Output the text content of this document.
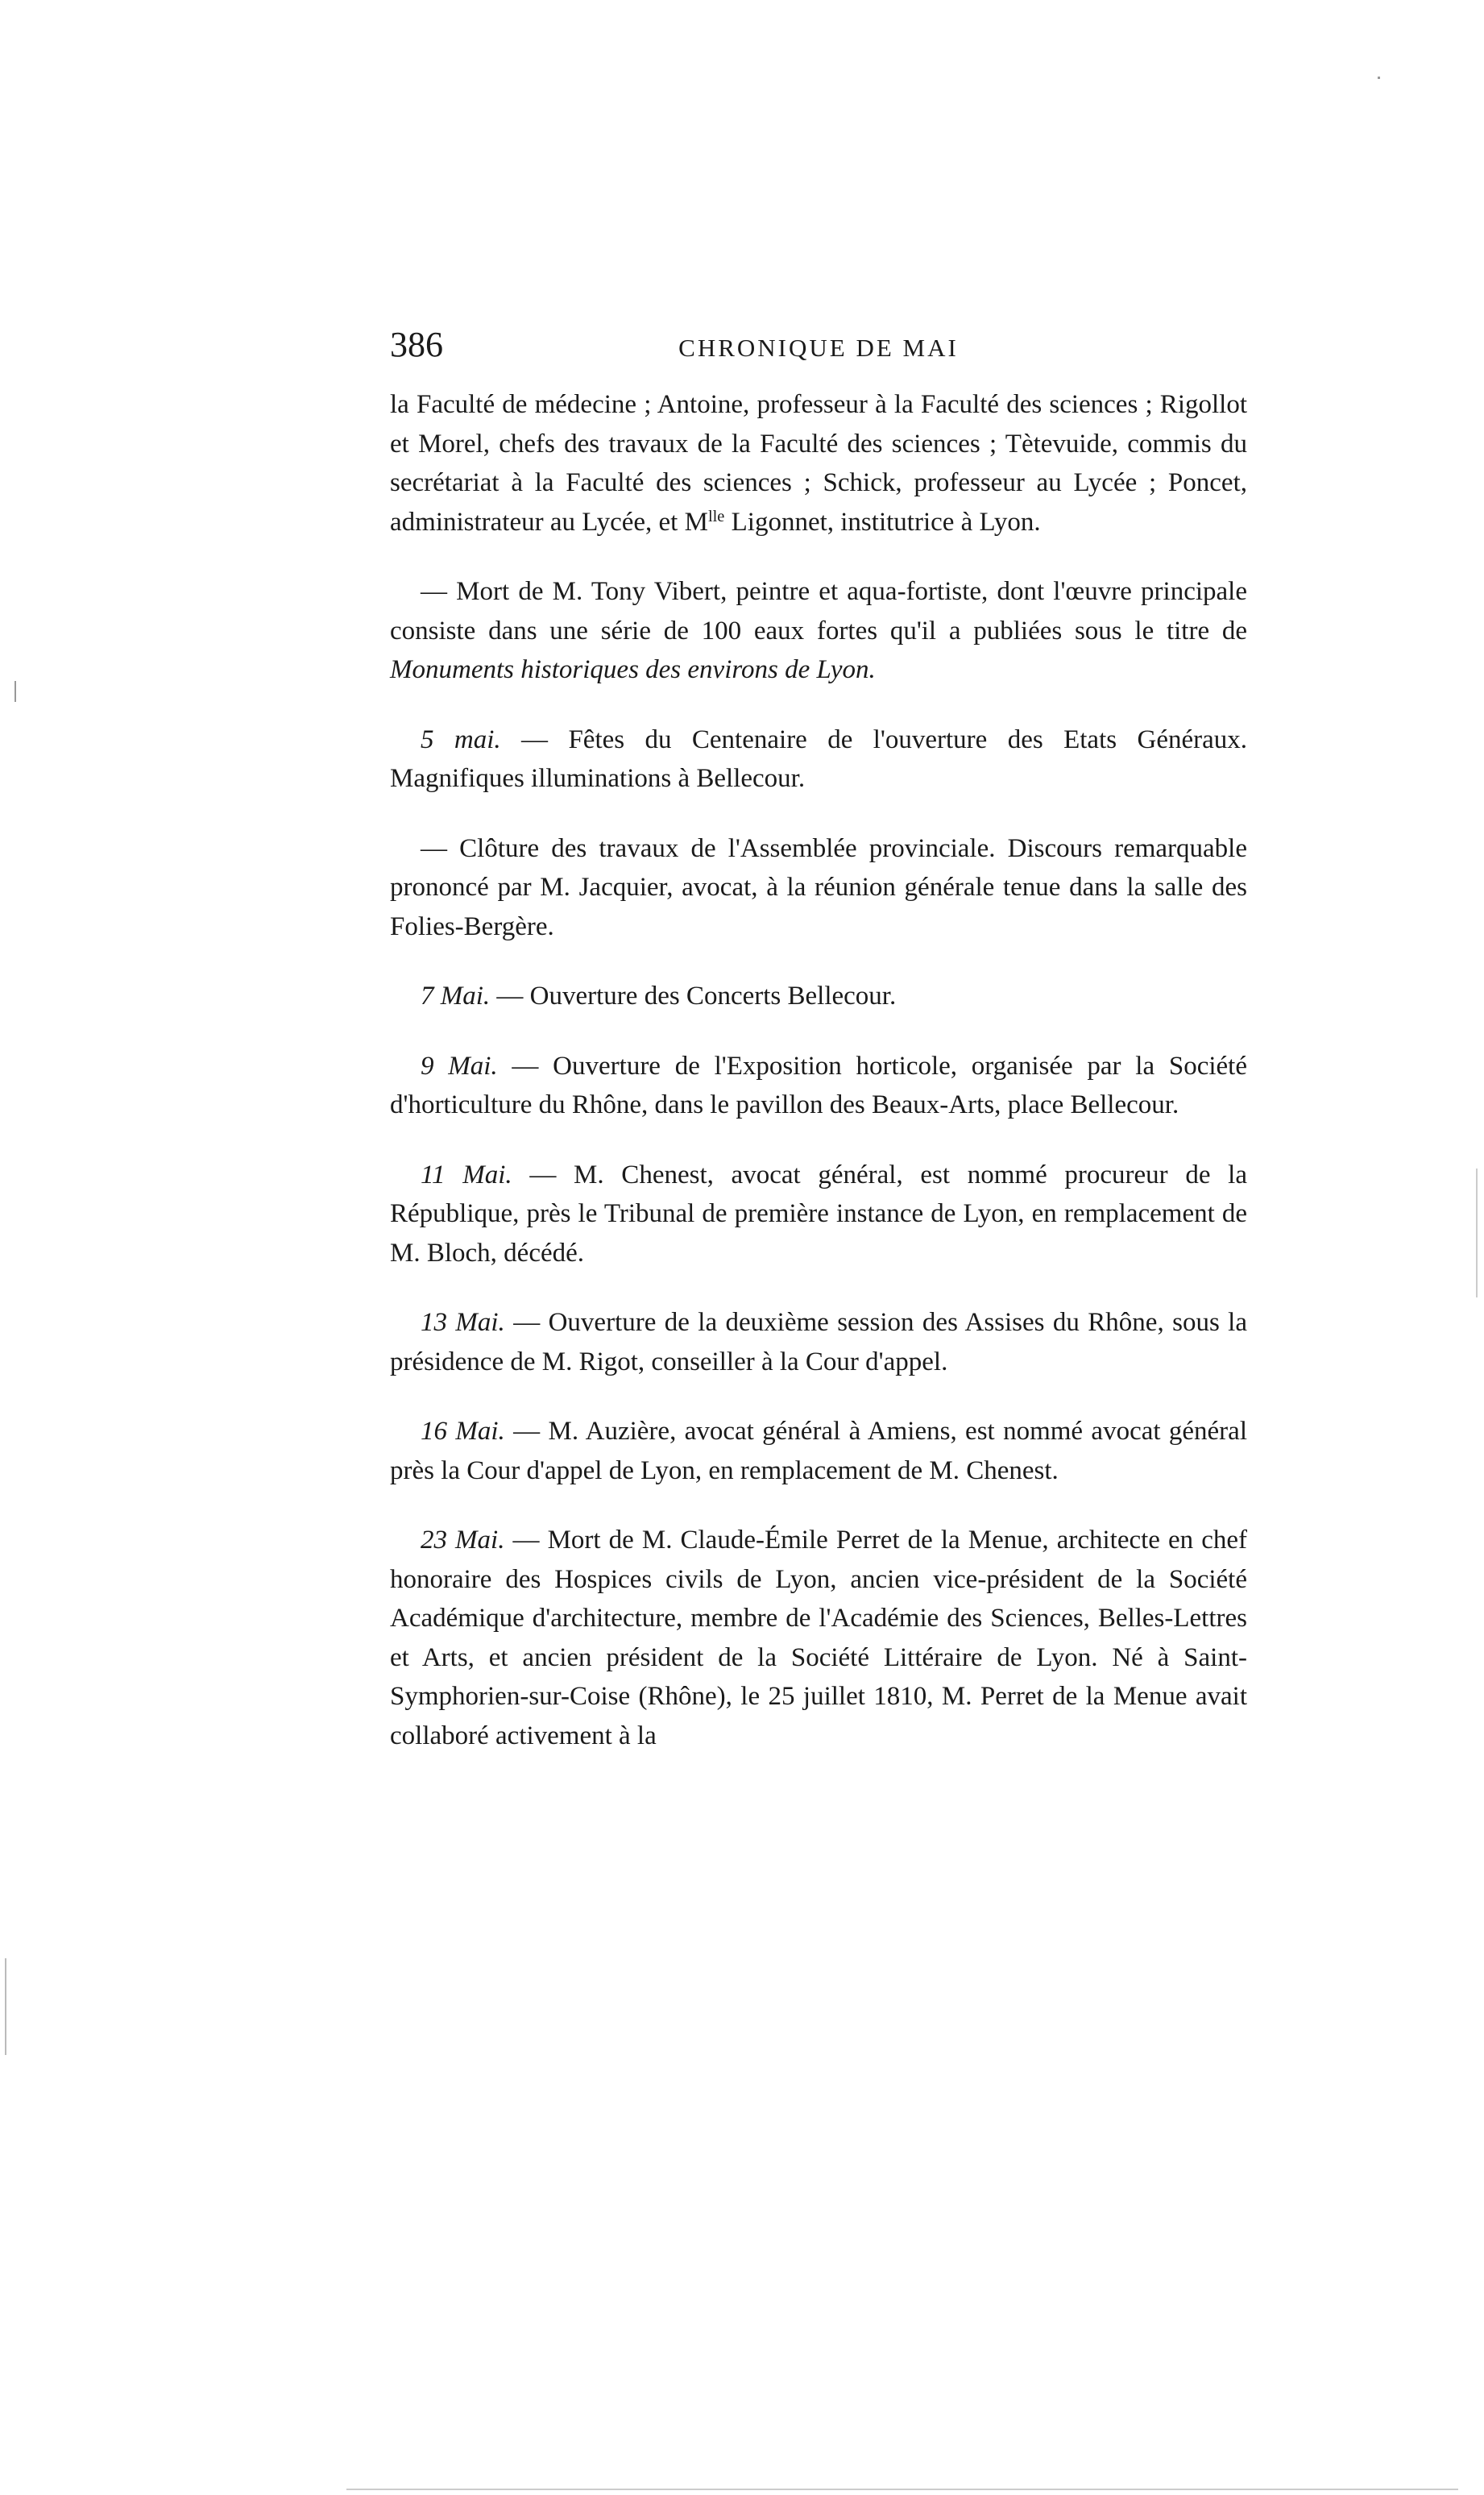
386	CHRONIQUE DE MAI

la Faculté de médecine ; Antoine, professeur à la Faculté des sciences ; Rigollot et Morel, chefs des travaux de la Faculté des sciences ; Tètevuide, commis du secrétariat à la Faculté des sciences ; Schick, professeur au Lycée ; Poncet, administrateur au Lycée, et $M^{lle}$ Ligonnet, institutrice à Lyon.

— Mort de M. Tony Vibert, peintre et aqua-fortiste, dont l'œuvre principale consiste dans une série de 100 eaux fortes qu'il a publiées sous le titre de Monuments historiques des environs de Lyon.

5 mai. — Fêtes du Centenaire de l'ouverture des Etats Généraux. Magnifiques illuminations à Bellecour.

— Clôture des travaux de l'Assemblée provinciale. Discours remarquable prononcé par M. Jacquier, avocat, à la réunion générale tenue dans la salle des Folies-Bergère.

7 Mai. — Ouverture des Concerts Bellecour.

9 Mai. — Ouverture de l'Exposition horticole, organisée par la Société d'horticulture du Rhône, dans le pavillon des Beaux-Arts, place Bellecour.

11 Mai. — M. Chenest, avocat général, est nommé procureur de la République, près le Tribunal de première instance de Lyon, en remplacement de M. Bloch, décédé.

13 Mai. — Ouverture de la deuxième session des Assises du Rhône, sous la présidence de M. Rigot, conseiller à la Cour d'appel.

16 Mai. — M. Auzière, avocat général à Amiens, est nommé avocat général près la Cour d'appel de Lyon, en remplacement de M. Chenest.

23 Mai. — Mort de M. Claude-Émile Perret de la Menue, architecte en chef honoraire des Hospices civils de Lyon, ancien vice-président de la Société Académique d'architecture, membre de l'Académie des Sciences, Belles-Lettres et Arts, et ancien président de la Société Littéraire de Lyon. Né à Saint-Symphorien-sur-Coise (Rhône), le 25 juillet 1810, M. Perret de la Menue avait collaboré activement à la
